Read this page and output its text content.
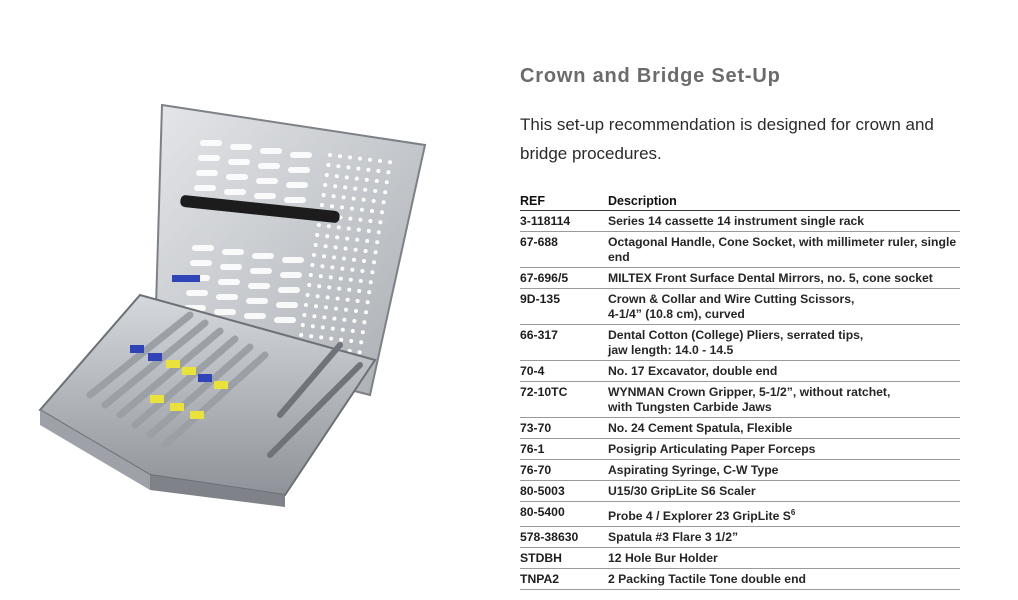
Crown and Bridge Set-Up

This set-up recommendation is designed for crown and bridge procedures.

REF	Description
3-118114	Series 14 cassette 14 instrument single rack
67-688	Octagonal Handle, Cone Socket, with millimeter ruler, single end
67-696/5	MILTEX Front Surface Dental Mirrors, no. 5, cone socket
9D-135	Crown & Collar and Wire Cutting Scissors,
4-1/4” (10.8 cm), curved
66-317	Dental Cotton (College) Pliers, serrated tips,
jaw length: 14.0 - 14.5
70-4	No. 17 Excavator, double end
72-10TC	WYNMAN Crown Gripper, 5-1/2”, without ratchet,
with Tungsten Carbide Jaws
73-70	No. 24 Cement Spatula, Flexible
76-1	Posigrip Articulating Paper Forceps
76-70	Aspirating Syringe, C-W Type
80-5003	U15/30 GripLite S6 Scaler
80-5400	Probe 4 / Explorer 23 GripLite $S^6$
578-38630	Spatula #3 Flare 3 1/2”
STDBH	12 Hole Bur Holder
TNPA2	2 Packing Tactile Tone double end
